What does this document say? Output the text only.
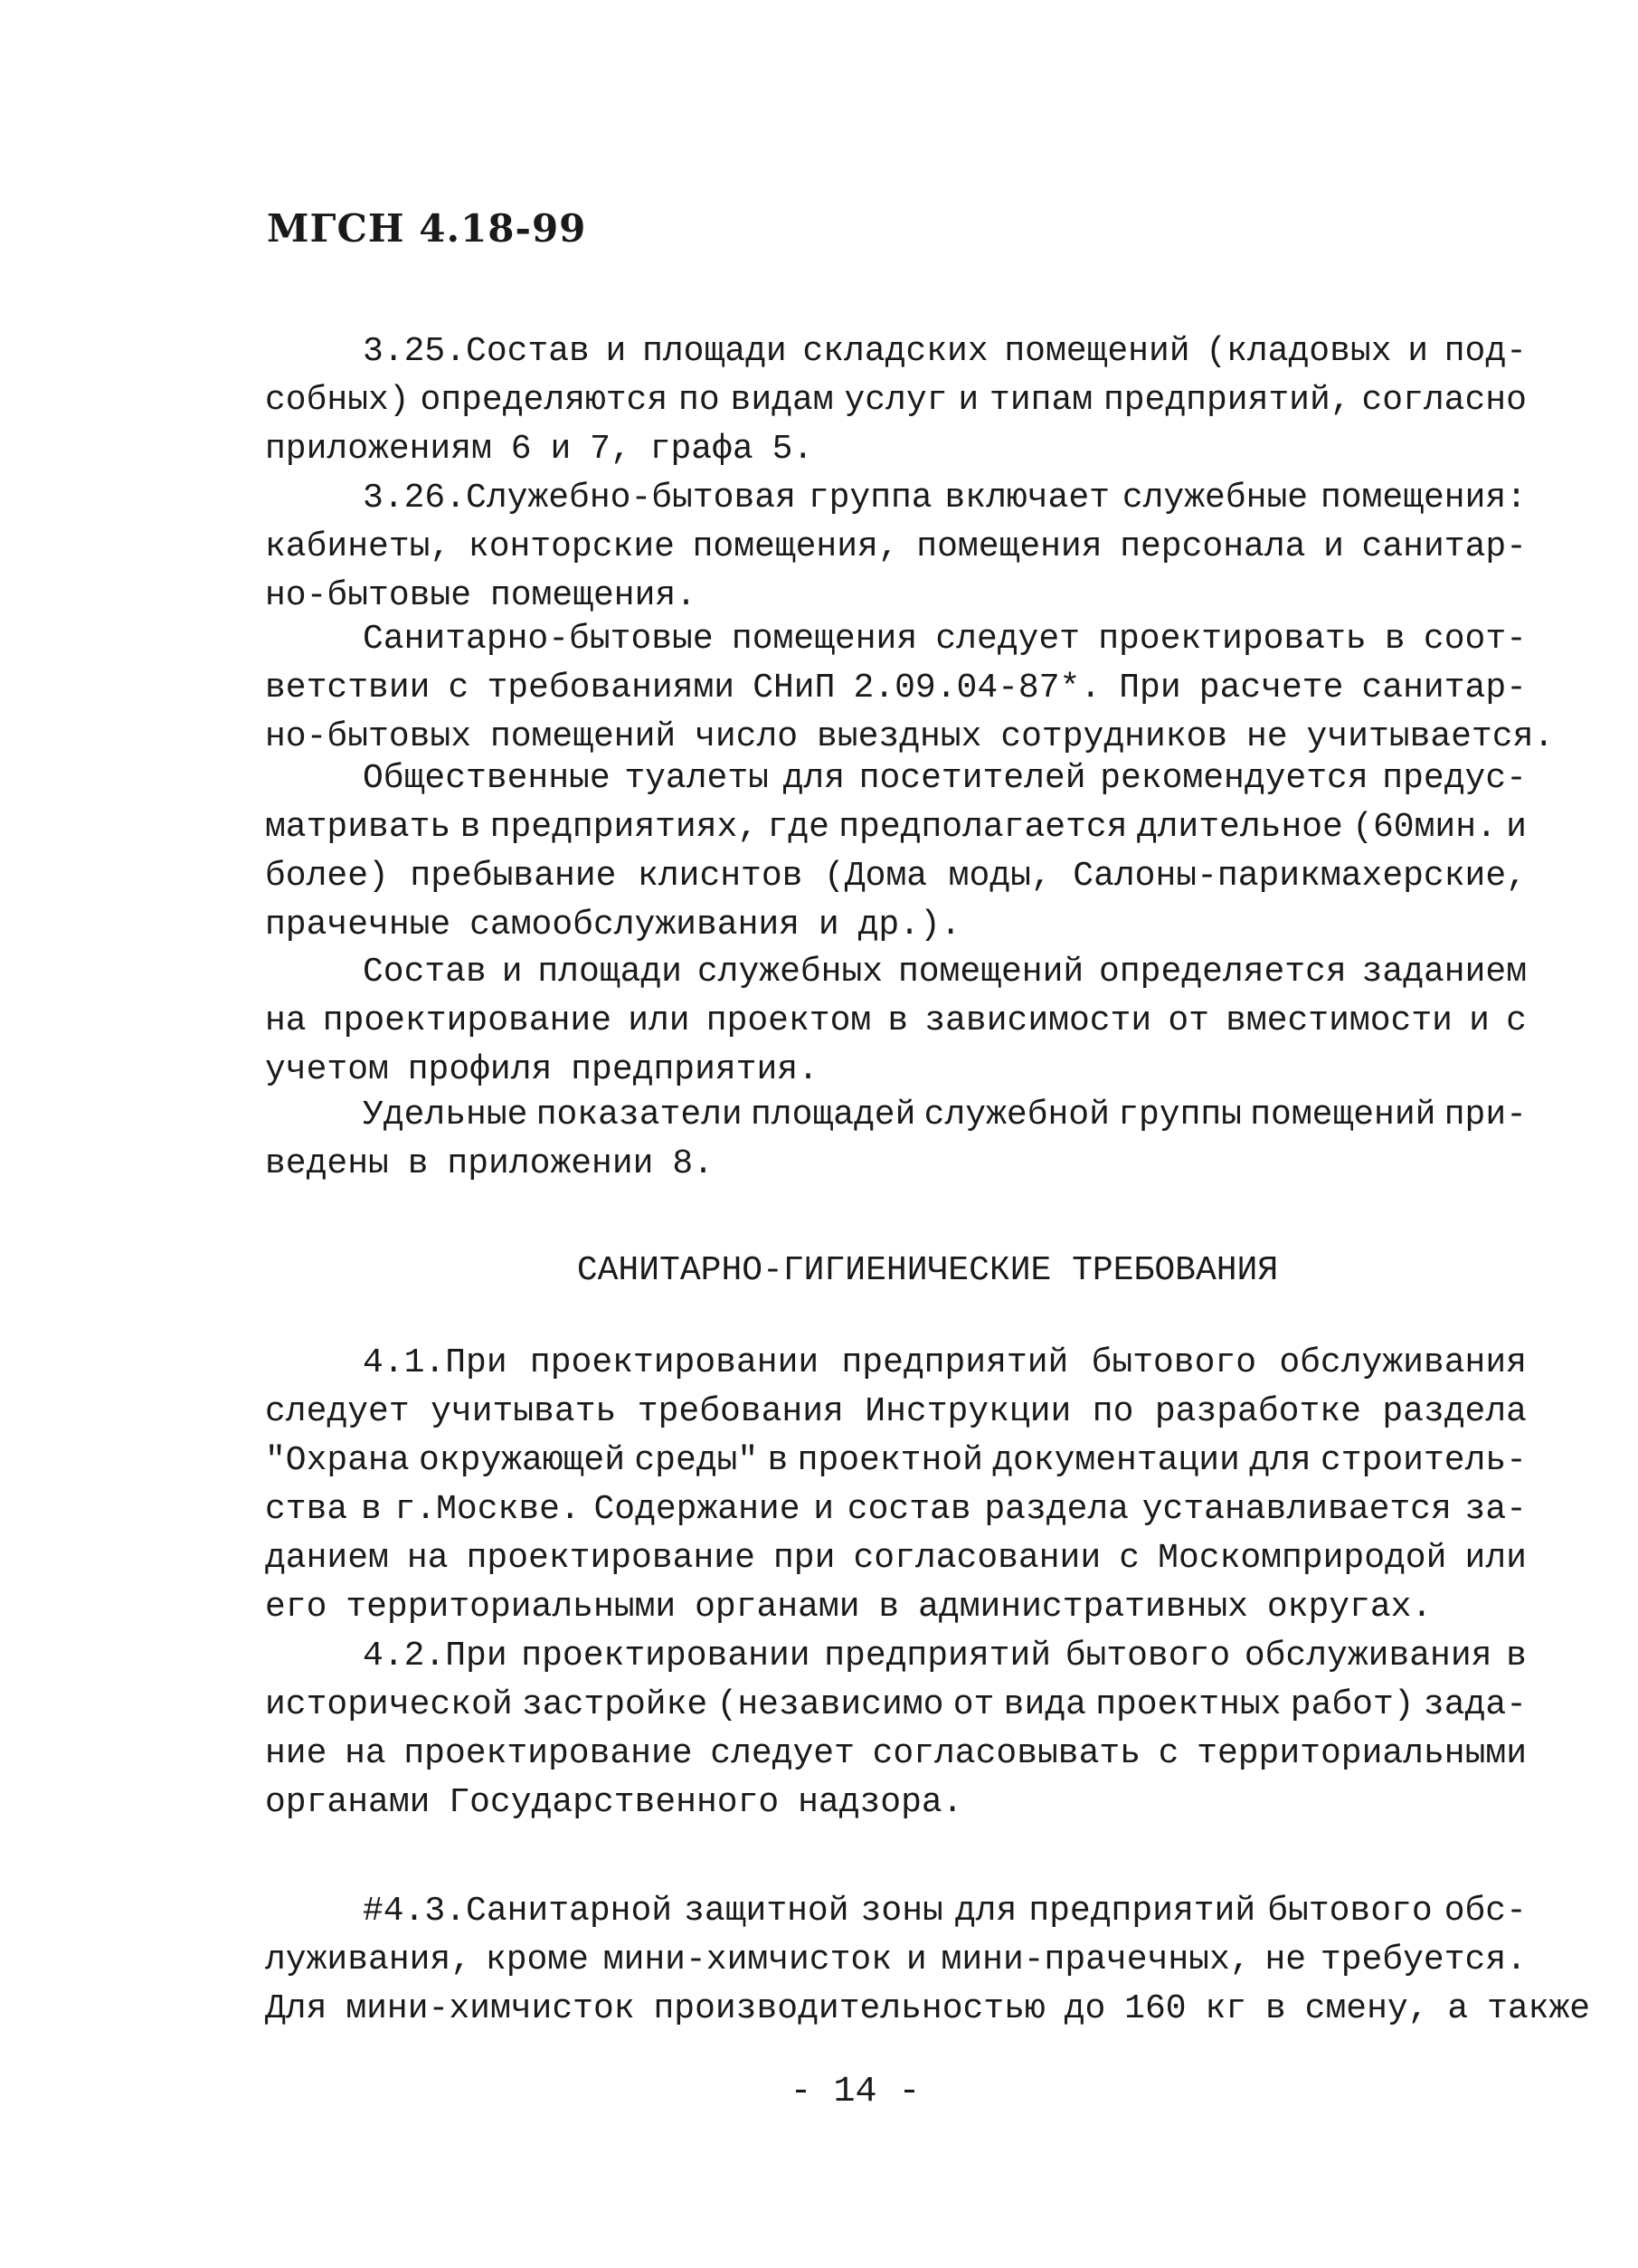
МГСН 4.18-99
3.25.Состав и площади складских помещений (кладовых и под-
собных) определяются по видам услуг и типам предприятий, согласно
приложениям 6 и 7, графа 5.
3.26.Служебно-бытовая группа включает служебные помещения:
кабинеты, конторские помещения, помещения персонала и санитар-
но-бытовые помещения.
Санитарно-бытовые помещения следует проектировать в соот-
ветствии с требованиями СНиП 2.09.04-87*. При расчете санитар-
но-бытовых помещений число выездных сотрудников не учитывается.
Общественные туалеты для посетителей рекомендуется предус-
матривать в предприятиях, где предполагается длительное (60мин. и
более) пребывание клиснтов (Дома моды, Салоны-парикмахерские,
прачечные самообслуживания и др.).
Состав и площади служебных помещений определяется заданием
на проектирование или проектом в зависимости от вместимости и с
учетом профиля предприятия.
Удельные показатели площадей служебной группы помещений при-
ведены в приложении 8.
САНИТАРНО-ГИГИЕНИЧЕСКИЕ ТРЕБОВАНИЯ
4.1.При проектировании предприятий бытового обслуживания
следует учитывать требования Инструкции по разработке раздела
"Охрана окружающей среды" в проектной документации для строитель-
ства в г.Москве. Содержание и состав раздела устанавливается за-
данием на проектирование при согласовании с Москомприродой или
его территориальными органами в административных округах.
4.2.При проектировании предприятий бытового обслуживания в
исторической застройке (независимо от вида проектных работ) зада-
ние на проектирование следует согласовывать с территориальными
органами Государственного надзора.
#4.3.Санитарной защитной зоны для предприятий бытового обс-
луживания, кроме мини-химчисток и мини-прачечных, не требуется.
Для мини-химчисток производительностью до 160 кг в смену, а также
- 14 -
